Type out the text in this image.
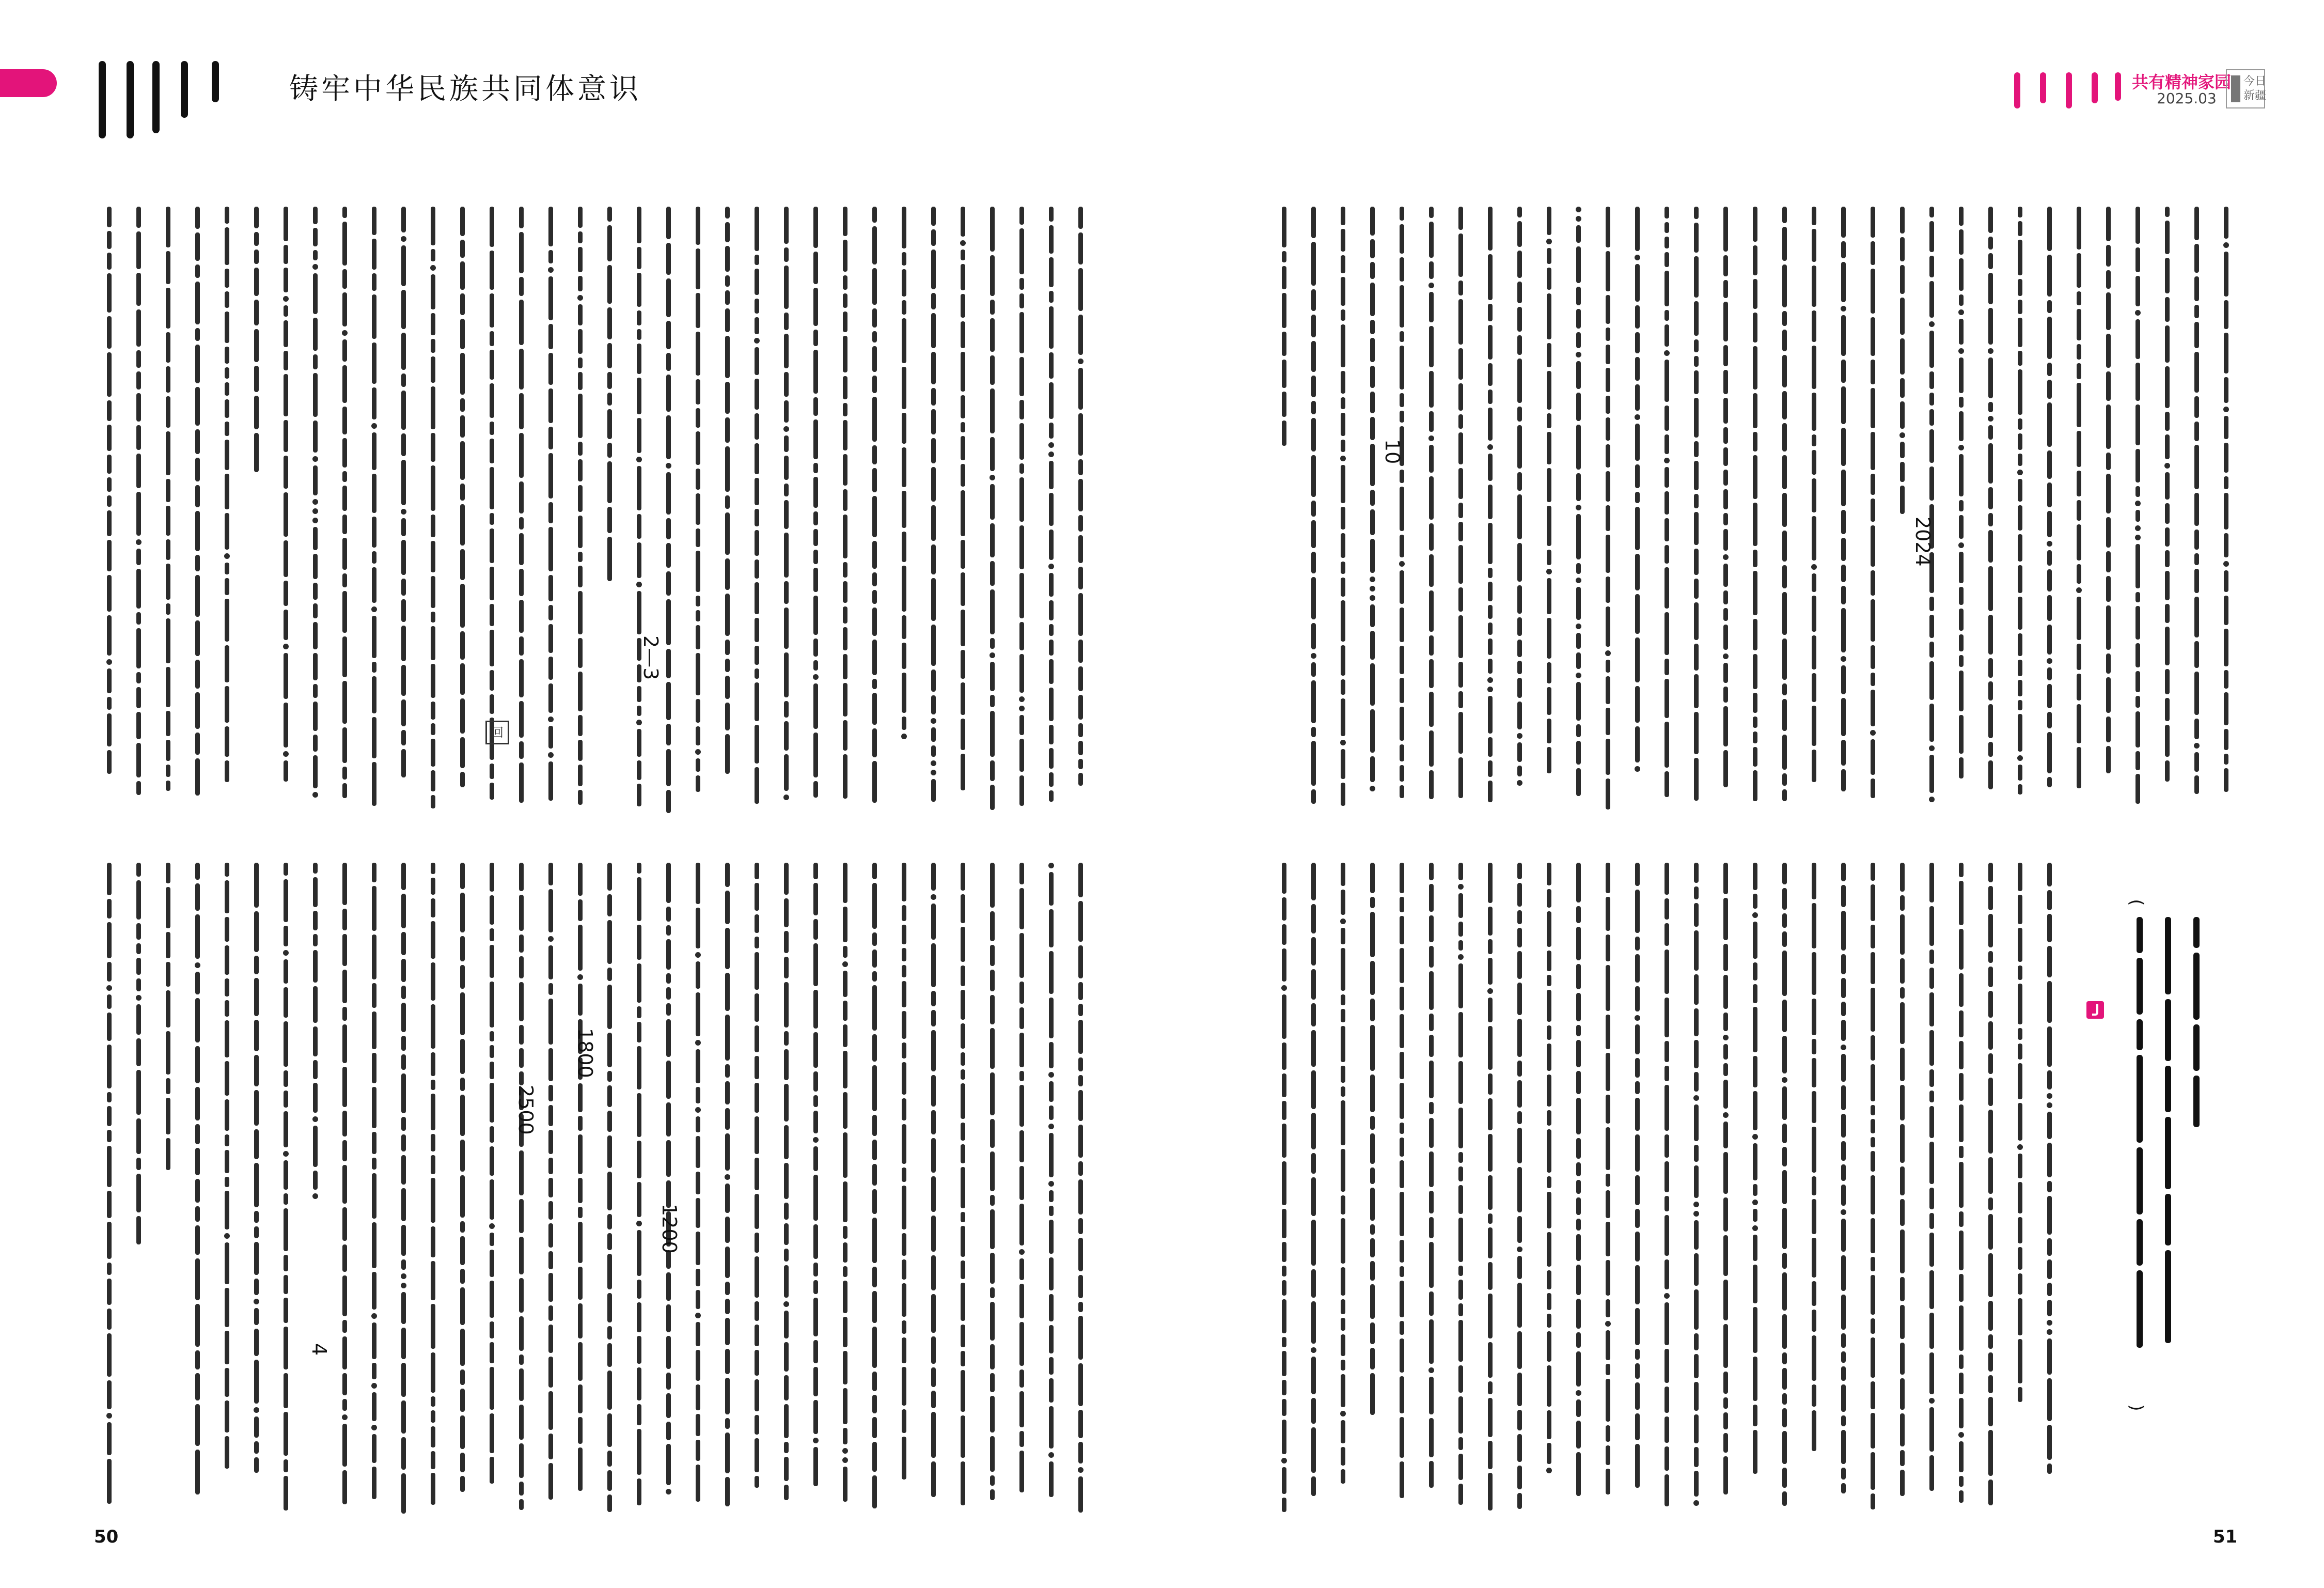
铸牢中华民族共同体意识	共有精神家园
2025.03
今日
新疆
(
)
2024
10
2—3
1200
1800
2500
4
回
50	51
